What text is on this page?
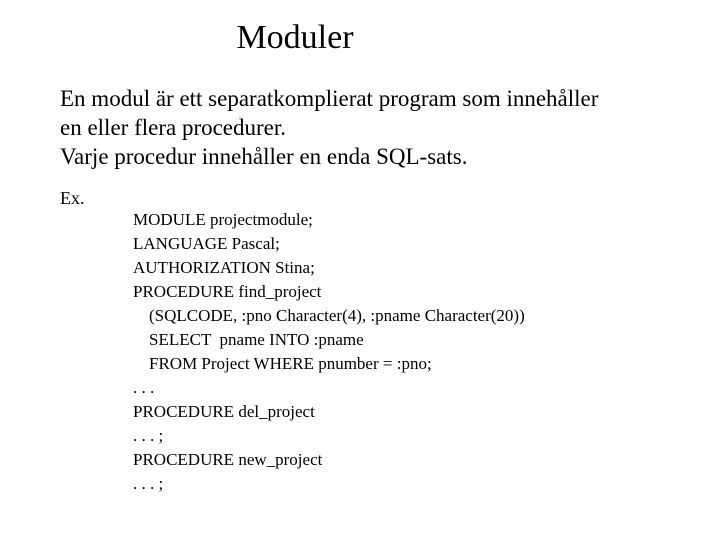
Moduler
En modul är ett separatkomplierat program som innehåller
en eller flera procedurer.
Varje procedur innehåller en enda SQL-sats.
Ex.
MODULE projectmodule;
LANGUAGE Pascal;
AUTHORIZATION Stina;
PROCEDURE find_project
(SQLCODE, :pno Character(4), :pname Character(20))
SELECT  pname INTO :pname
FROM Project WHERE pnumber = :pno;
. . .
PROCEDURE del_project
. . . ;
PROCEDURE new_project
. . . ;
